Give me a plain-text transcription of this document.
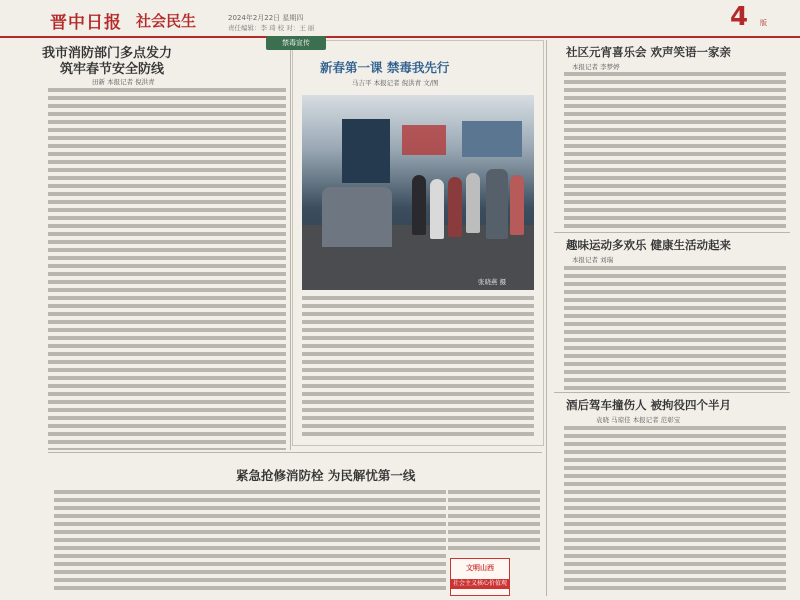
晋中日报 社会民生	2024年2月22日 星期四
责任编辑：李 琦 校 对：王 丽	4 版
我市消防部门多点发力
筑牢春节安全防线
田新 本报记者 倪洪青
禁毒宣传
新春第一课 禁毒我先行
马吉平 本报记者 倪洪青 文/图
张晓燕 摄
紧急抢修消防栓 为民解忧第一线
文明山西
社会主义核心价值观
社区元宵喜乐会 欢声笑语一家亲
本报记者 李梦婷
趣味运动多欢乐 健康生活动起来
本报记者 刘瑞
酒后驾车撞伤人 被拘役四个半月
袁晓 马琼佳 本报记者 范彰宝
